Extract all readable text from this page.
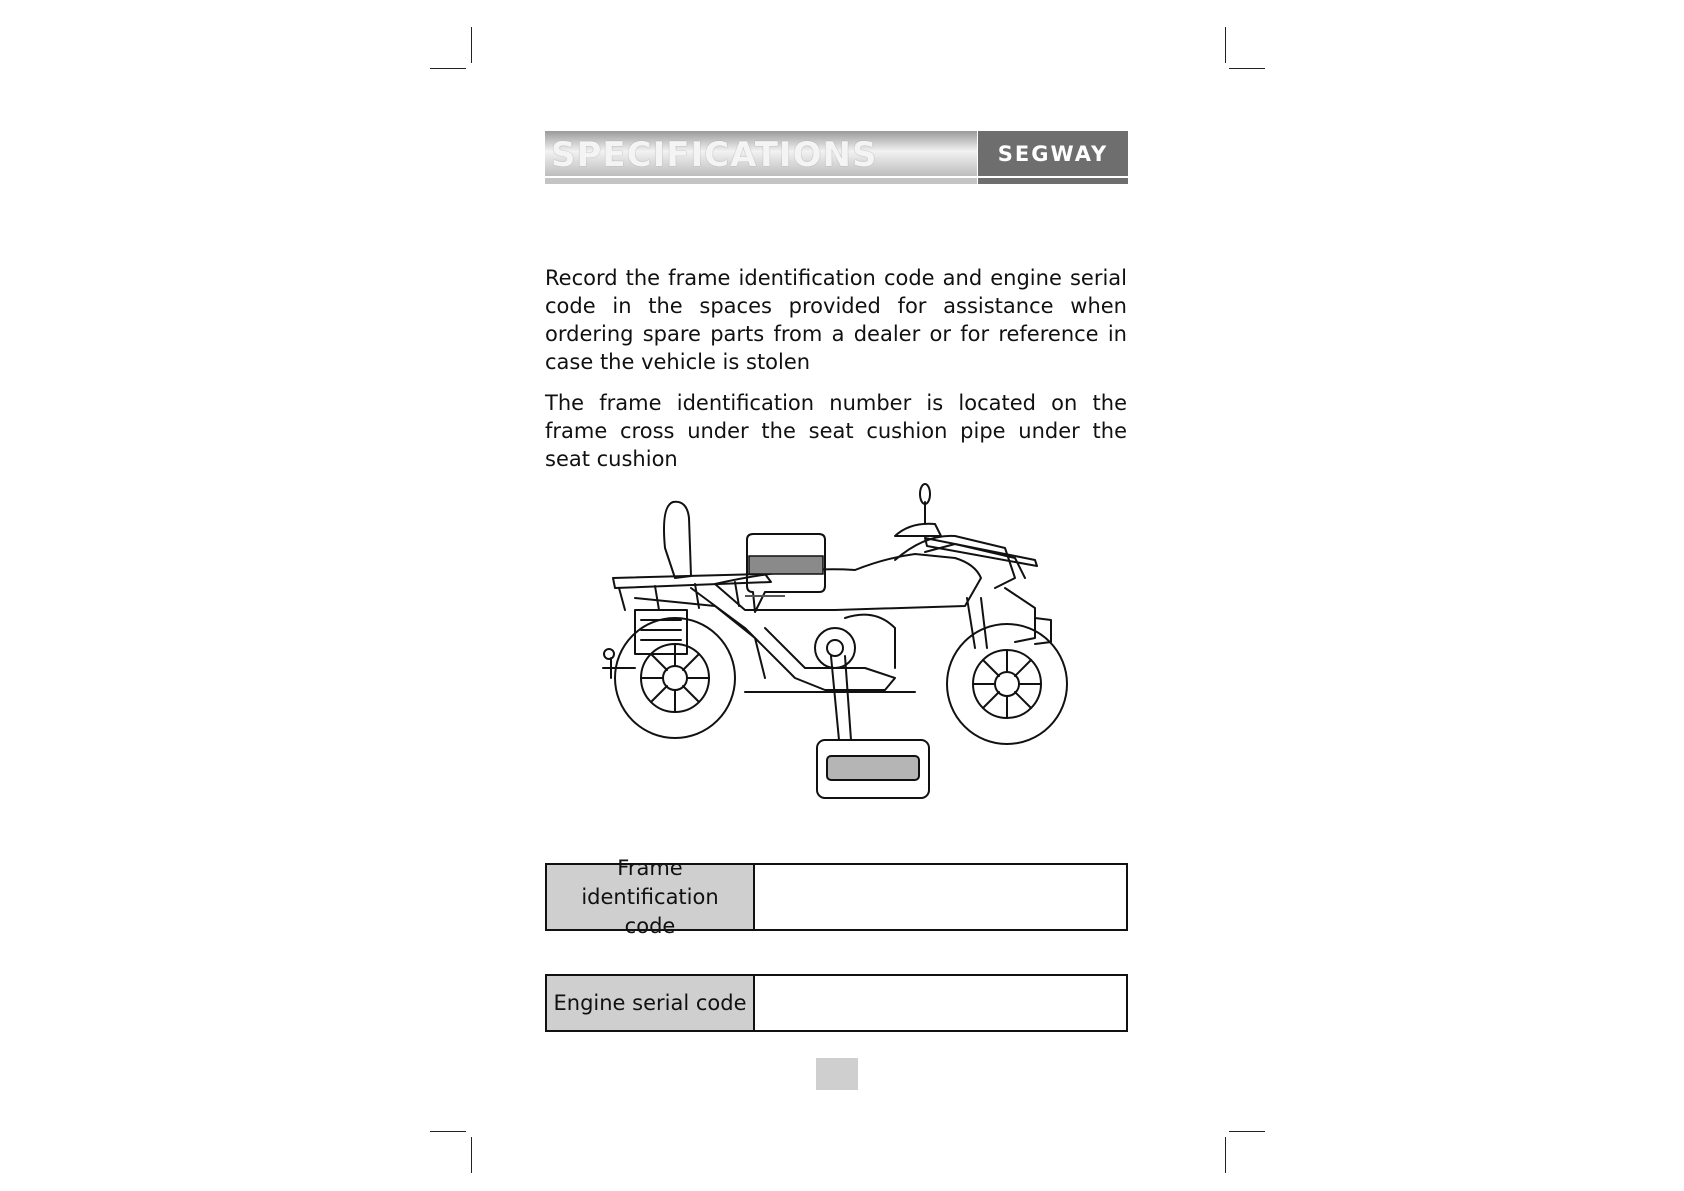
SPECIFICATIONS	SEGWAY

Record the frame identification code and engine serial code in the spaces provided for assistance when ordering spare parts from a dealer or for reference in case the vehicle is stolen

The frame identification number is located on the frame cross under the seat cushion pipe under the seat cushion

Frame identification code
Engine serial code
